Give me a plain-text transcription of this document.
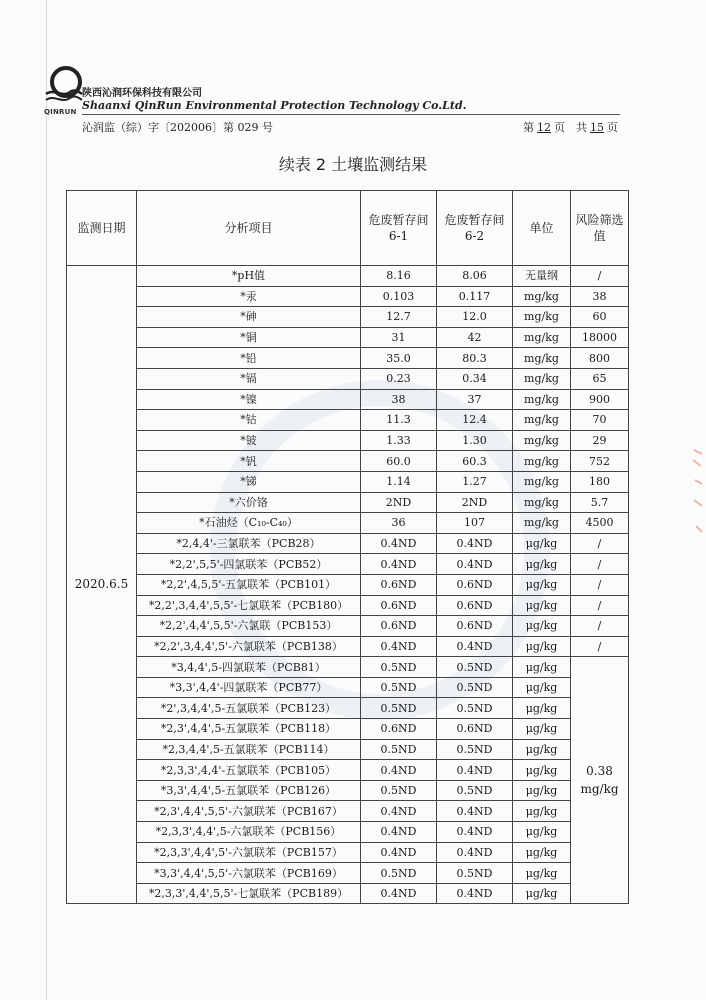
QINRUN
陕西沁润环保科技有限公司
Shaanxi QinRun Environmental Protection Technology Co.Ltd.
沁润监（综）字〔202006〕第 029 号	第 12 页　共 15 页
续表 2 土壤监测结果
监测日期	分析项目	危废暂存间 6-1	危废暂存间 6-2	单位	风险筛选值
2020.6.5	*pH值	8.16	8.06	无量纲	/
	*汞	0.103	0.117	mg/kg	38
	*砷	12.7	12.0	mg/kg	60
	*铜	31	42	mg/kg	18000
	*铅	35.0	80.3	mg/kg	800
	*镉	0.23	0.34	mg/kg	65
	*镍	38	37	mg/kg	900
	*钴	11.3	12.4	mg/kg	70
	*铍	1.33	1.30	mg/kg	29
	*钒	60.0	60.3	mg/kg	752
	*锑	1.14	1.27	mg/kg	180
	*六价铬	2ND	2ND	mg/kg	5.7
	*石油烃（C₁₀-C₄₀）	36	107	mg/kg	4500
	*2,4,4'-三氯联苯（PCB28）	0.4ND	0.4ND	μg/kg	/
	*2,2',5,5'-四氯联苯（PCB52）	0.4ND	0.4ND	μg/kg	/
	*2,2',4,5,5'-五氯联苯（PCB101）	0.6ND	0.6ND	μg/kg	/
	*2,2',3,4,4',5,5'-七氯联苯（PCB180）	0.6ND	0.6ND	μg/kg	/
	*2,2',4,4',5,5'-六氯联（PCB153）	0.6ND	0.6ND	μg/kg	/
	*2,2',3,4,4',5'-六氯联苯（PCB138）	0.4ND	0.4ND	μg/kg	/
	*3,4,4',5-四氯联苯（PCB81）	0.5ND	0.5ND	μg/kg	0.38 mg/kg
	*3,3',4,4'-四氯联苯（PCB77）	0.5ND	0.5ND	μg/kg	
	*2',3,4,4',5-五氯联苯（PCB123）	0.5ND	0.5ND	μg/kg	
	*2,3',4,4',5-五氯联苯（PCB118）	0.6ND	0.6ND	μg/kg	
	*2,3,4,4',5-五氯联苯（PCB114）	0.5ND	0.5ND	μg/kg	
	*2,3,3',4,4'-五氯联苯（PCB105）	0.4ND	0.4ND	μg/kg	
	*3,3',4,4',5-五氯联苯（PCB126）	0.5ND	0.5ND	μg/kg	
	*2,3',4,4',5,5'-六氯联苯（PCB167）	0.4ND	0.4ND	μg/kg	
	*2,3,3',4,4',5-六氯联苯（PCB156）	0.4ND	0.4ND	μg/kg	
	*2,3,3',4,4',5'-六氯联苯（PCB157）	0.4ND	0.4ND	μg/kg	
	*3,3',4,4',5,5'-六氯联苯（PCB169）	0.5ND	0.5ND	μg/kg	
	*2,3,3',4,4',5,5'-七氯联苯（PCB189）	0.4ND	0.4ND	μg/kg	
